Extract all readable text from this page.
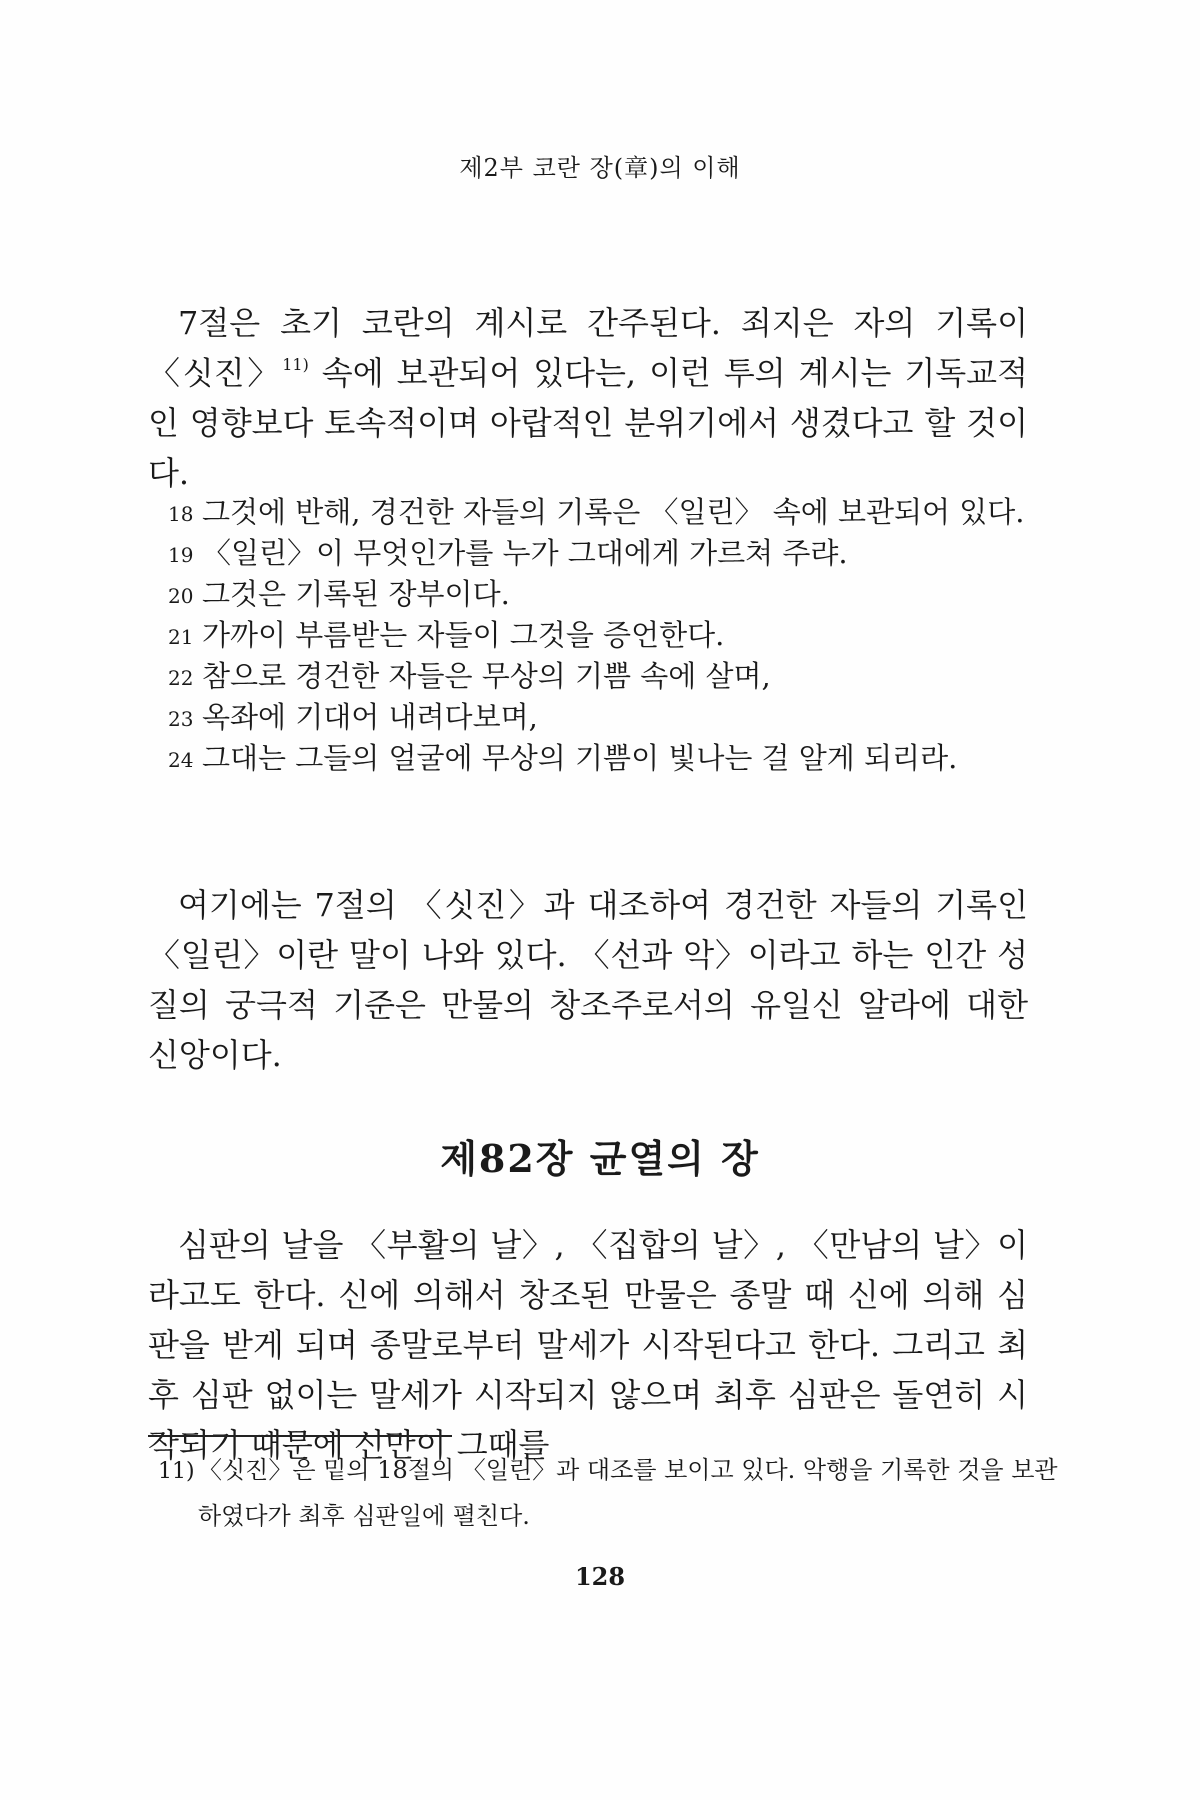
제2부 코란 장(章)의 이해

7절은 초기 코란의 계시로 간주된다. 죄지은 자의 기록이 〈싯진〉$^{11)}$ 속에 보관되어 있다는, 이런 투의 계시는 기독교적인 영향보다 토속적이며 아랍적인 분위기에서 생겼다고 할 것이다.

18 그것에 반해, 경건한 자들의 기록은 〈일린〉 속에 보관되어 있다.
19 〈일린〉이 무엇인가를 누가 그대에게 가르쳐 주랴.
20 그것은 기록된 장부이다.
21 가까이 부름받는 자들이 그것을 증언한다.
22 참으로 경건한 자들은 무상의 기쁨 속에 살며,
23 옥좌에 기대어 내려다보며,
24 그대는 그들의 얼굴에 무상의 기쁨이 빛나는 걸 알게 되리라.

여기에는 7절의 〈싯진〉과 대조하여 경건한 자들의 기록인 〈일린〉이란 말이 나와 있다. 〈선과 악〉이라고 하는 인간 성질의 궁극적 기준은 만물의 창조주로서의 유일신 알라에 대한 신앙이다.

제82장 균열의 장

심판의 날을 〈부활의 날〉, 〈집합의 날〉, 〈만남의 날〉이라고도 한다. 신에 의해서 창조된 만물은 종말 때 신에 의해 심판을 받게 되며 종말로부터 말세가 시작된다고 한다. 그리고 최후 심판 없이는 말세가 시작되지 않으며 최후 심판은 돌연히 시작되기 때문에 신만이 그때를

11) 〈싯진〉은 밑의 18절의 〈일린〉과 대조를 보이고 있다. 악행을 기록한 것을 보관하였다가 최후 심판일에 펼친다.

128
